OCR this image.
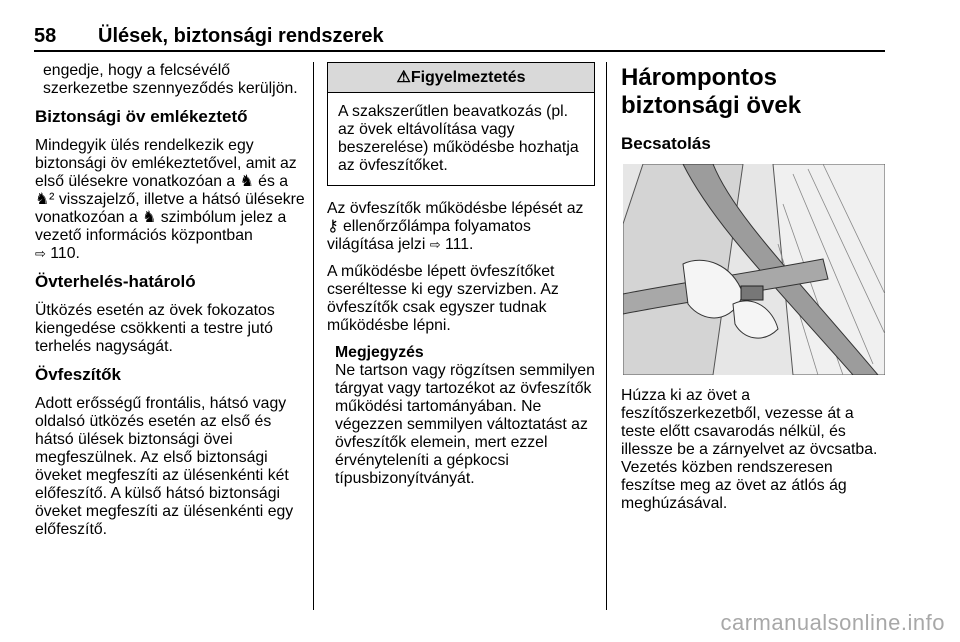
58 Ülések, biztonsági rendszerek

engedje, hogy a felcsévélő szerkezetbe szennyeződés kerüljön.

Biztonsági öv emlékeztető

Mindegyik ülés rendelkezik egy biztonsági öv emlékeztetővel, amit az első ülésekre vonatkozóan a ♞ és a ♞² visszajelző, illetve a hátsó ülésekre vonatkozóan a ♞ szimbólum jelez a vezető információs központban
⇨ 110.

Övterhelés-határoló

Ütközés esetén az övek fokozatos kiengedése csökkenti a testre jutó terhelés nagyságát.

Övfeszítők

Adott erősségű frontális, hátsó vagy oldalsó ütközés esetén az első és hátsó ülések biztonsági övei megfeszülnek. Az első biztonsági öveket megfeszíti az ülésenkénti két előfeszítő. A külső hátsó biztonsági öveket megfeszíti az ülésenkénti egy előfeszítő.

⚠Figyelmeztetés
A szakszerűtlen beavatkozás (pl. az övek eltávolítása vagy beszerelése) működésbe hozhatja az övfeszítőket.

Az övfeszítők működésbe lépését az ⚷ ellenőrzőlámpa folyamatos világítása jelzi ⇨ 111.

A működésbe lépett övfeszítőket cseréltesse ki egy szervizben. Az övfeszítők csak egyszer tudnak működésbe lépni.

Megjegyzés
Ne tartson vagy rögzítsen semmilyen tárgyat vagy tartozékot az övfeszítők működési tartományában. Ne végezzen semmilyen változtatást az övfeszítők elemein, mert ezzel érvényteleníti a gépkocsi típusbizonyítványát.
Hárompontos biztonsági övek
Becsatolás

Húzza ki az övet a feszítőszerkezetből, vezesse át a teste előtt csavarodás nélkül, és illessze be a zárnyelvet az övcsatba. Vezetés közben rendszeresen feszítse meg az övet az átlós ág meghúzásával.

carmanualsonline.info
